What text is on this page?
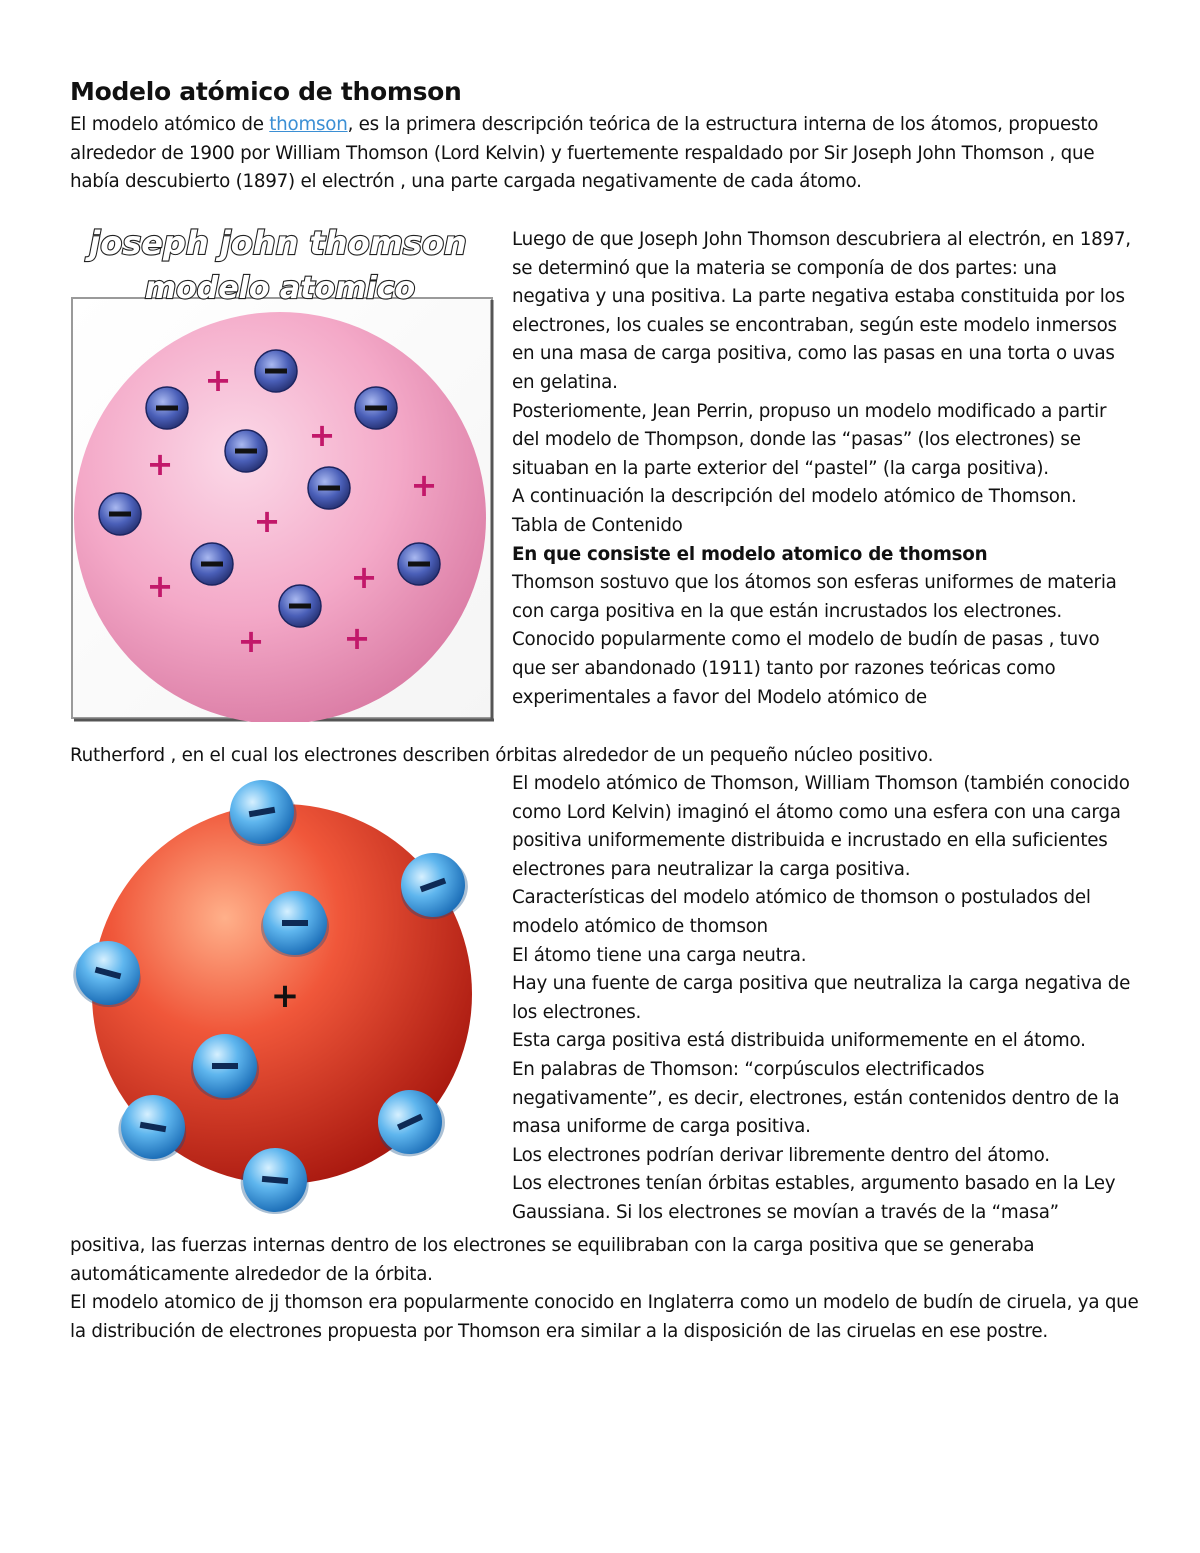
Modelo atómico de thomson

El modelo atómico de thomson, es la primera descripción teórica de la estructura interna de los átomos, propuesto alrededor de 1900 por William Thomson (Lord Kelvin) y fuertemente respaldado por Sir Joseph John Thomson , que había descubierto (1897) el electrón , una parte cargada negativamente de cada átomo.

joseph john thomson
modelo atomico
+
+
+
+
+
+	+
+ +

Luego de que Joseph John Thomson descubriera al electrón, en 1897, se determinó que la materia se componía de dos partes: una negativa y una positiva. La parte negativa estaba constituida por los electrones, los cuales se encontraban, según este modelo inmersos en una masa de carga positiva, como las pasas en una torta o uvas en gelatina.

Posteriomente, Jean Perrin, propuso un modelo modificado a partir del modelo de Thompson, donde las “pasas” (los electrones) se situaban en la parte exterior del “pastel” (la carga positiva).

A continuación la descripción del modelo atómico de Thomson.

Tabla de Contenido

En que consiste el modelo atomico de thomson

Thomson sostuvo que los átomos son esferas uniformes de materia con carga positiva en la que están incrustados los electrones. Conocido popularmente como el modelo de budín de pasas , tuvo que ser abandonado (1911) tanto por razones teóricas como experimentales a favor del Modelo atómico de

Rutherford , en el cual los electrones describen órbitas alrededor de un pequeño núcleo positivo.

+

El modelo atómico de Thomson, William Thomson (también conocido como Lord Kelvin) imaginó el átomo como una esfera con una carga positiva uniformemente distribuida e incrustado en ella suficientes electrones para neutralizar la carga positiva.

Características del modelo atómico de thomson o postulados del modelo atómico de thomson

El átomo tiene una carga neutra.

Hay una fuente de carga positiva que neutraliza la carga negativa de los electrones.

Esta carga positiva está distribuida uniformemente en el átomo.

En palabras de Thomson: “corpúsculos electrificados negativamente”, es decir, electrones, están contenidos dentro de la masa uniforme de carga positiva.

Los electrones podrían derivar libremente dentro del átomo.

Los electrones tenían órbitas estables, argumento basado en la Ley Gaussiana. Si los electrones se movían a través de la “masa”

positiva, las fuerzas internas dentro de los electrones se equilibraban con la carga positiva que se generaba automáticamente alrededor de la órbita.

El modelo atomico de jj thomson era popularmente conocido en Inglaterra como un modelo de budín de ciruela, ya que la distribución de electrones propuesta por Thomson era similar a la disposición de las ciruelas en ese postre.
